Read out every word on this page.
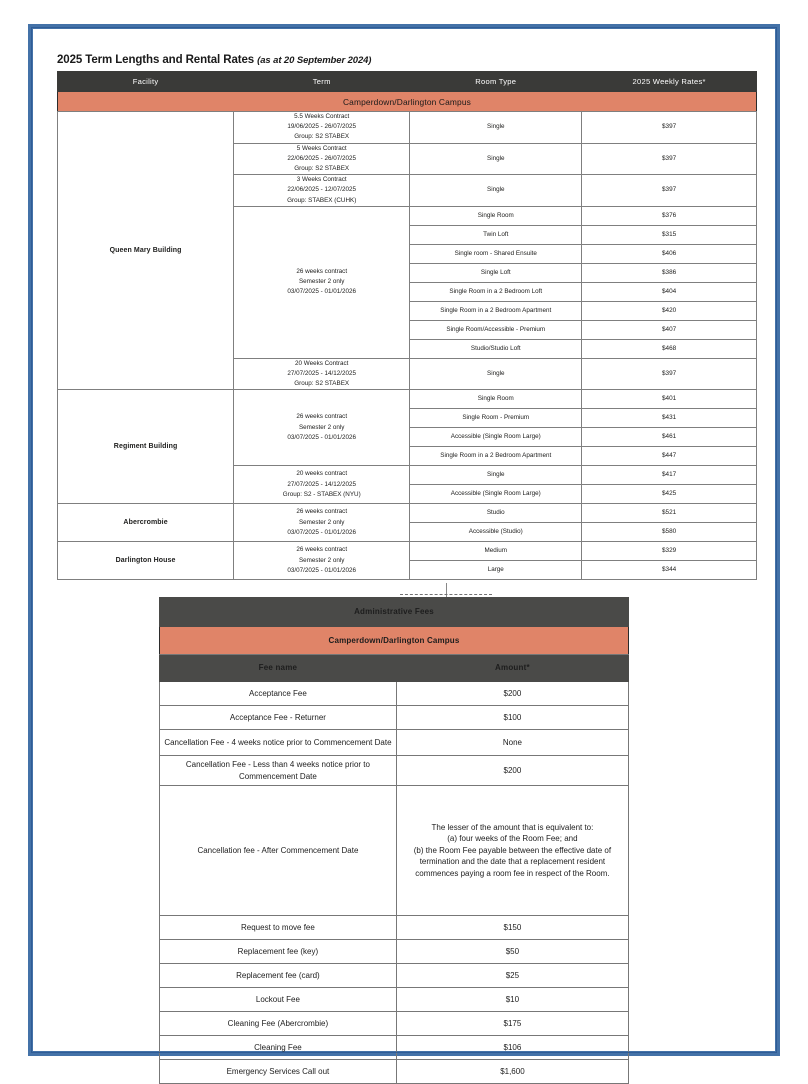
2025 Term Lengths and Rental Rates (as at 20 September 2024)
Facility	Term	Room Type	2025 Weekly Rates*
Camperdown/Darlington Campus			
Queen Mary Building	5.5 Weeks Contract
19/06/2025 - 26/07/2025
Group: S2 STABEX	Single	$397
	5 Weeks Contract
22/06/2025 - 26/07/2025
Group: S2 STABEX	Single	$397
	3 Weeks Contract
22/06/2025 - 12/07/2025
Group: STABEX (CUHK)	Single	$397
	26 weeks contract
Semester 2 only
03/07/2025 - 01/01/2026	Single Room	$376
		Twin Loft	$315
		Single room - Shared Ensuite	$406
		Single Loft	$386
		Single Room in a 2 Bedroom Loft	$404
		Single Room in a 2 Bedroom Apartment	$420
		Single Room/Accessible - Premium	$407
		Studio/Studio Loft	$468
	20 Weeks Contract
27/07/2025 - 14/12/2025
Group: S2 STABEX	Single	$397
Regiment Building	26 weeks contract
Semester 2 only
03/07/2025 - 01/01/2026	Single Room	$401
		Single Room - Premium	$431
		Accessible (Single Room Large)	$461
		Single Room in a 2 Bedroom Apartment	$447
	20 weeks contract
27/07/2025 - 14/12/2025
Group: S2 - STABEX (NYU)	Single	$417
		Accessible (Single Room Large)	$425
Abercrombie	26 weeks contract
Semester 2 only
03/07/2025 - 01/01/2026	Studio	$521
		Accessible (Studio)	$580
Darlington House	26 weeks contract
Semester 2 only
03/07/2025 - 01/01/2026	Medium	$329
		Large	$344
Administrative Fees	
Camperdown/Darlington Campus	
Fee name	Amount*
Acceptance Fee	$200
Acceptance Fee - Returner	$100
Cancellation Fee - 4 weeks notice prior to Commencement Date	None
Cancellation Fee - Less than 4 weeks notice prior to Commencement Date	$200
Cancellation fee - After Commencement Date	The lesser of the amount that is equivalent to:
(a) four weeks of the Room Fee; and
(b) the Room Fee payable between the effective date of termination and the date that a replacement resident commences paying a room fee in respect of the Room.
Request to move fee	$150
Replacement fee (key)	$50
Replacement fee (card)	$25
Lockout Fee	$10
Cleaning Fee (Abercrombie)	$175
Cleaning Fee	$106
Emergency Services Call out	$1,600
